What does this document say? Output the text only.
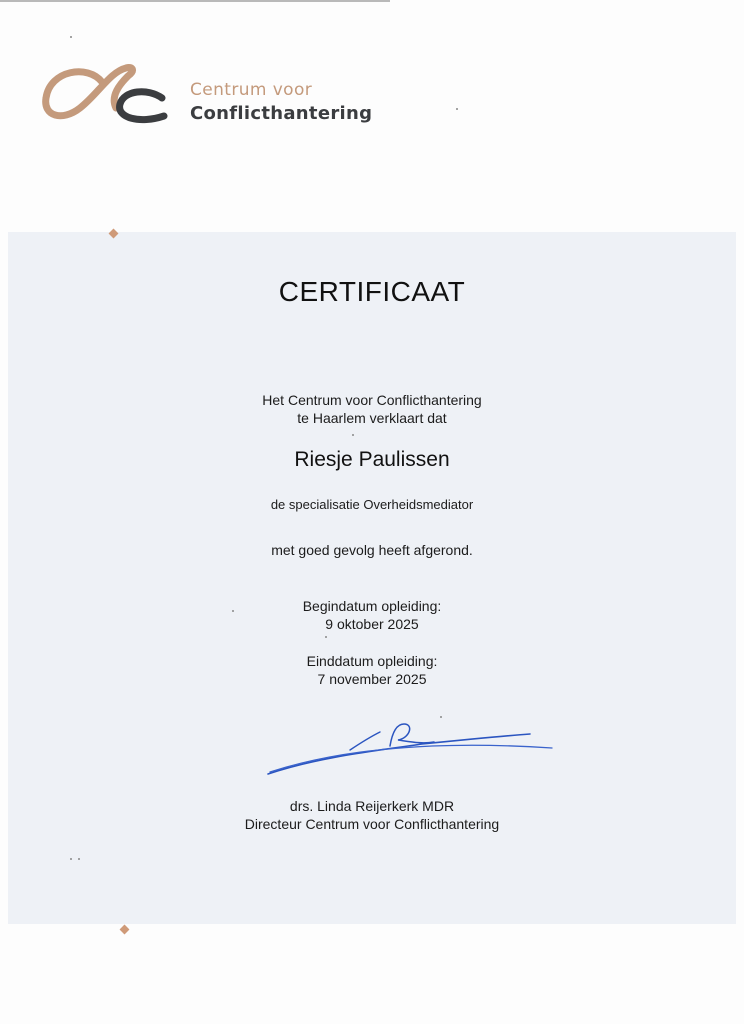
Centrum voor
Conflicthantering
CERTIFICAAT
Het Centrum voor Conflicthantering
te Haarlem verklaart dat
Riesje Paulissen
de specialisatie Overheidsmediator
met goed gevolg heeft afgerond.
Begindatum opleiding:
9 oktober 2025
Einddatum opleiding:
7 november 2025
drs. Linda Reijerkerk MDR
Directeur Centrum voor Conflicthantering
